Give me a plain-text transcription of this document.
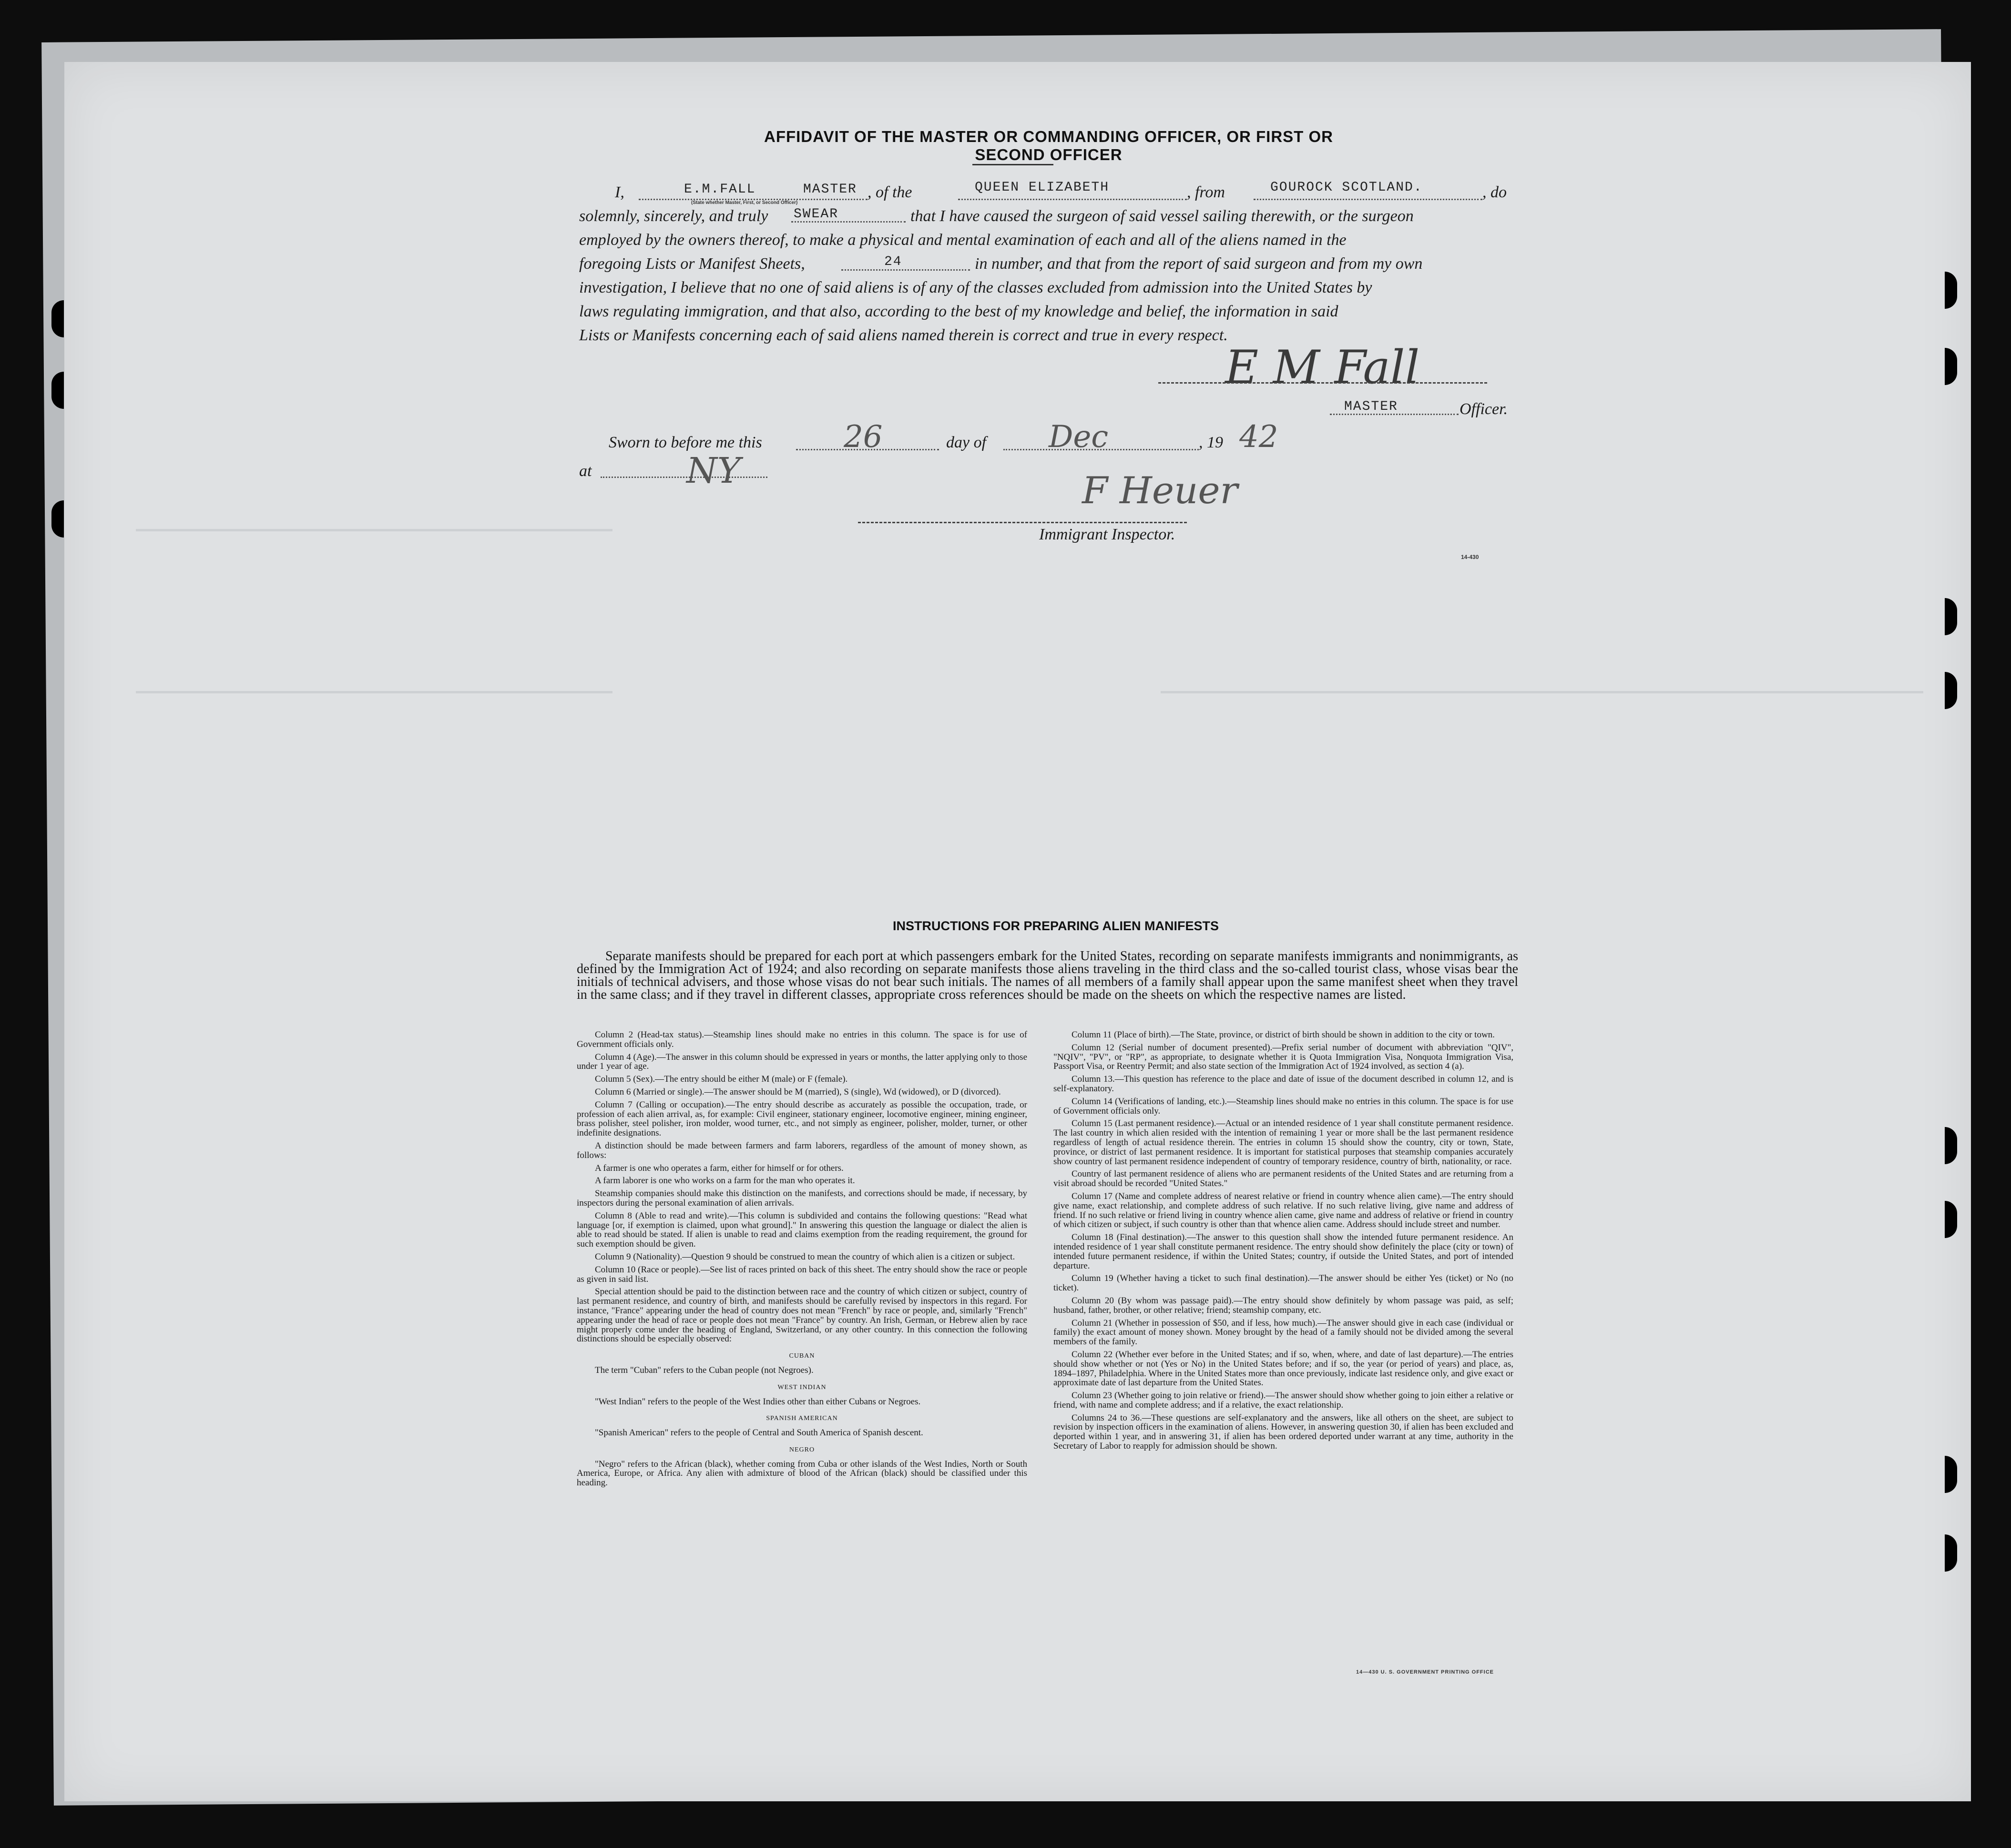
AFFIDAVIT OF THE MASTER OR COMMANDING OFFICER, OR FIRST OR SECOND OFFICER
I,	E.M.FALL	MASTER
(State whether Master, First, or Second Officer)
, of the	QUEEN ELIZABETH	, from	GOUROCK SCOTLAND.	, do
solemnly, sincerely, and truly SWEAR	that I have caused the surgeon of said vessel sailing therewith, or the surgeon
employed by the owners thereof, to make a physical and mental examination of each and all of the aliens named in the
foregoing Lists or Manifest Sheets,	24	in number, and that from the report of said surgeon and from my own
investigation, I believe that no one of said aliens is of any of the classes excluded from admission into the United States by
laws regulating immigration, and that also, according to the best of my knowledge and belief, the information in said
Lists or Manifests concerning each of said aliens named therein is correct and true in every respect.
E M Fall
MASTER	Officer.
Sworn to before me this	26	day of Dec	, 19 42
at	NY	F Heuer
Immigrant Inspector.
14-430
INSTRUCTIONS FOR PREPARING ALIEN MANIFESTS
Separate manifests should be prepared for each port at which passengers embark for the United States, recording on separate manifests immigrants and nonimmigrants, as defined by the Immigration Act of 1924; and also recording on separate manifests those aliens traveling in the third class and the so-called tourist class, whose visas bear the initials of technical advisers, and those whose visas do not bear such initials. The names of all members of a family shall appear upon the same manifest sheet when they travel in the same class; and if they travel in different classes, appropriate cross references should be made on the sheets on which the respective names are listed.

Column 2 (Head-tax status).—Steamship lines should make no entries in this column. The space is for use of Government officials only.

Column 4 (Age).—The answer in this column should be expressed in years or months, the latter applying only to those under 1 year of age.

Column 5 (Sex).—The entry should be either M (male) or F (female).

Column 6 (Married or single).—The answer should be M (married), S (single), Wd (widowed), or D (divorced).

Column 7 (Calling or occupation).—The entry should describe as accurately as possible the occupation, trade, or profession of each alien arrival, as, for example: Civil engineer, stationary engineer, locomotive engineer, mining engineer, brass polisher, steel polisher, iron molder, wood turner, etc., and not simply as engineer, polisher, molder, turner, or other indefinite designations.

A distinction should be made between farmers and farm laborers, regardless of the amount of money shown, as follows:

A farmer is one who operates a farm, either for himself or for others.

A farm laborer is one who works on a farm for the man who operates it.

Steamship companies should make this distinction on the manifests, and corrections should be made, if necessary, by inspectors during the personal examination of alien arrivals.

Column 8 (Able to read and write).—This column is subdivided and contains the following questions: "Read what language [or, if exemption is claimed, upon what ground]." In answering this question the language or dialect the alien is able to read should be stated. If alien is unable to read and claims exemption from the reading requirement, the ground for such exemption should be given.

Column 9 (Nationality).—Question 9 should be construed to mean the country of which alien is a citizen or subject.

Column 10 (Race or people).—See list of races printed on back of this sheet. The entry should show the race or people as given in said list.

Special attention should be paid to the distinction between race and the country of which citizen or subject, country of last permanent residence, and country of birth, and manifests should be carefully revised by inspectors in this regard. For instance, "France" appearing under the head of country does not mean "French" by race or people, and, similarly "French" appearing under the head of race or people does not mean "France" by country. An Irish, German, or Hebrew alien by race might properly come under the heading of England, Switzerland, or any other country. In this connection the following distinctions should be especially observed:

CUBAN

The term "Cuban" refers to the Cuban people (not Negroes).

WEST INDIAN

"West Indian" refers to the people of the West Indies other than either Cubans or Negroes.

SPANISH AMERICAN

"Spanish American" refers to the people of Central and South America of Spanish descent.

NEGRO

"Negro" refers to the African (black), whether coming from Cuba or other islands of the West Indies, North or South America, Europe, or Africa. Any alien with admixture of blood of the African (black) should be classified under this heading.

Column 11 (Place of birth).—The State, province, or district of birth should be shown in addition to the city or town.

Column 12 (Serial number of document presented).—Prefix serial number of document with abbreviation "QIV", "NQIV", "PV", or "RP", as appropriate, to designate whether it is Quota Immigration Visa, Nonquota Immigration Visa, Passport Visa, or Reentry Permit; and also state section of the Immigration Act of 1924 involved, as section 4 (a).

Column 13.—This question has reference to the place and date of issue of the document described in column 12, and is self-explanatory.

Column 14 (Verifications of landing, etc.).—Steamship lines should make no entries in this column. The space is for use of Government officials only.

Column 15 (Last permanent residence).—Actual or an intended residence of 1 year shall constitute permanent residence. The last country in which alien resided with the intention of remaining 1 year or more shall be the last permanent residence regardless of length of actual residence therein. The entries in column 15 should show the country, city or town, State, province, or district of last permanent residence. It is important for statistical purposes that steamship companies accurately show country of last permanent residence independent of country of temporary residence, country of birth, nationality, or race.

Country of last permanent residence of aliens who are permanent residents of the United States and are returning from a visit abroad should be recorded "United States."

Column 17 (Name and complete address of nearest relative or friend in country whence alien came).—The entry should give name, exact relationship, and complete address of such relative. If no such relative living, give name and address of friend. If no such relative or friend living in country whence alien came, give name and address of relative or friend in country of which citizen or subject, if such country is other than that whence alien came. Address should include street and number.

Column 18 (Final destination).—The answer to this question shall show the intended future permanent residence. An intended residence of 1 year shall constitute permanent residence. The entry should show definitely the place (city or town) of intended future permanent residence, if within the United States; country, if outside the United States, and port of intended departure.

Column 19 (Whether having a ticket to such final destination).—The answer should be either Yes (ticket) or No (no ticket).

Column 20 (By whom was passage paid).—The entry should show definitely by whom passage was paid, as self; husband, father, brother, or other relative; friend; steamship company, etc.

Column 21 (Whether in possession of $50, and if less, how much).—The answer should give in each case (individual or family) the exact amount of money shown. Money brought by the head of a family should not be divided among the several members of the family.

Column 22 (Whether ever before in the United States; and if so, when, where, and date of last departure).—The entries should show whether or not (Yes or No) in the United States before; and if so, the year (or period of years) and place, as, 1894–1897, Philadelphia. Where in the United States more than once previously, indicate last residence only, and give exact or approximate date of last departure from the United States.

Column 23 (Whether going to join relative or friend).—The answer should show whether going to join either a relative or friend, with name and complete address; and if a relative, the exact relationship.

Columns 24 to 36.—These questions are self-explanatory and the answers, like all others on the sheet, are subject to revision by inspection officers in the examination of aliens. However, in answering question 30, if alien has been excluded and deported within 1 year, and in answering 31, if alien has been ordered deported under warrant at any time, authority in the Secretary of Labor to reapply for admission should be shown.

14—430 U. S. GOVERNMENT PRINTING OFFICE
